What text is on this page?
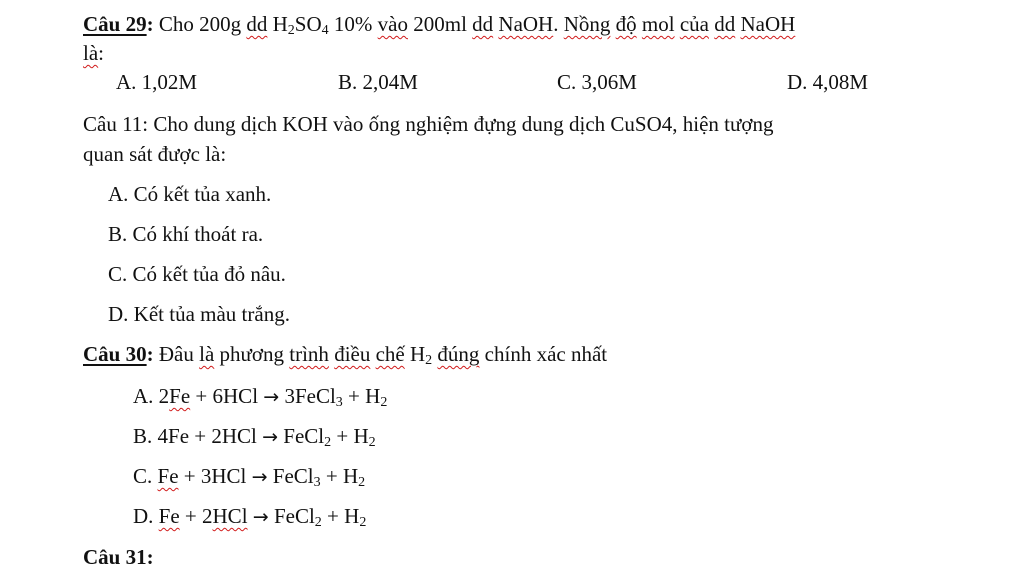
Câu 29: Cho 200g dd $H_2SO_4$ 10% vào 200ml dd NaOH. Nồng độ mol của dd NaOH
là:
A. 1,02M	B. 2,04M	C. 3,06M	D. 4,08M
Câu 11: Cho dung dịch KOH vào ống nghiệm đựng dung dịch CuSO4, hiện tượng
quan sát được là:
A. Có kết tủa xanh.
B. Có khí thoát ra.
C. Có kết tủa đỏ nâu.
D. Kết tủa màu trắng.
Câu 30: Đâu là phương trình điều chế $H_2$ đúng chính xác nhất
A. 2Fe + 6HCl → 3FeCl$_3$ + $H_2$
B. 4Fe + 2HCl → FeCl$_2$ + $H_2$
C. Fe + 3HCl → FeCl$_3$ + $H_2$
D. Fe + 2HCl → FeCl$_2$ + $H_2$
Câu 31:
